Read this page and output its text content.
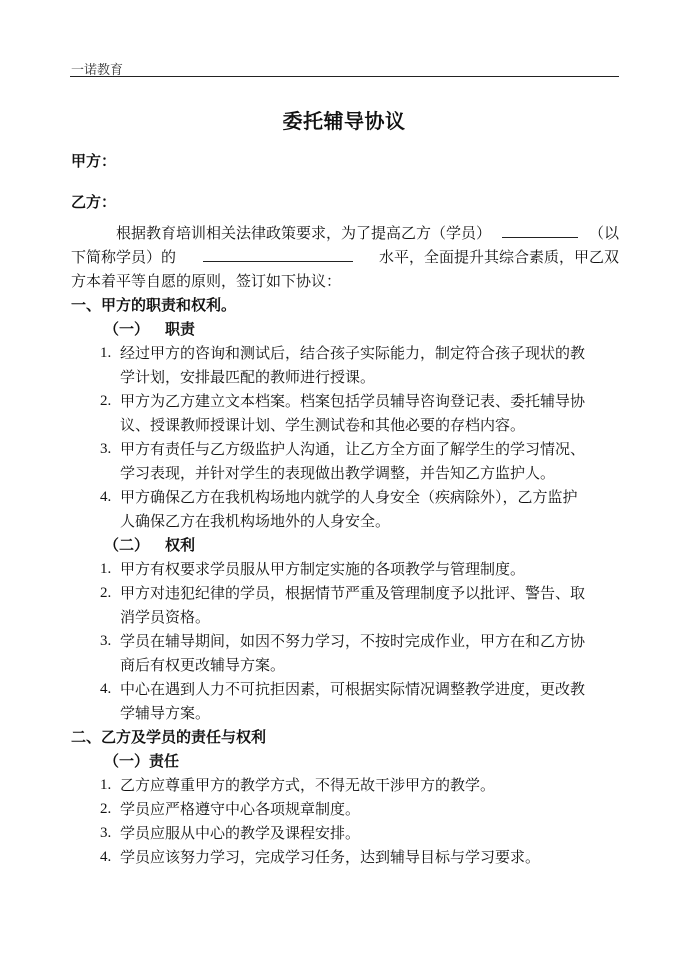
一诺教育
委托辅导协议
甲方：
乙方：
根据教育培训相关法律政策要求，为了提高乙方（学员）	（以
下简称学员）的	水平，全面提升其综合素质，甲乙双
方本着平等自愿的原则，签订如下协议：
一、甲方的职责和权利。
（一） 职责
1. 经过甲方的咨询和测试后，结合孩子实际能力，制定符合孩子现状的教
学计划，安排最匹配的教师进行授课。
2. 甲方为乙方建立文本档案。档案包括学员辅导咨询登记表、委托辅导协
议、授课教师授课计划、学生测试卷和其他必要的存档内容。
3. 甲方有责任与乙方级监护人沟通，让乙方全方面了解学生的学习情况、
学习表现，并针对学生的表现做出教学调整，并告知乙方监护人。
4. 甲方确保乙方在我机构场地内就学的人身安全（疾病除外），乙方监护
人确保乙方在我机构场地外的人身安全。
（二） 权利
1. 甲方有权要求学员服从甲方制定实施的各项教学与管理制度。
2. 甲方对违犯纪律的学员，根据情节严重及管理制度予以批评、警告、取
消学员资格。
3. 学员在辅导期间，如因不努力学习，不按时完成作业，甲方在和乙方协
商后有权更改辅导方案。
4. 中心在遇到人力不可抗拒因素，可根据实际情况调整教学进度，更改教
学辅导方案。
二、乙方及学员的责任与权利
（一）责任
1. 乙方应尊重甲方的教学方式，不得无故干涉甲方的教学。
2. 学员应严格遵守中心各项规章制度。
3. 学员应服从中心的教学及课程安排。
4. 学员应该努力学习，完成学习任务，达到辅导目标与学习要求。
